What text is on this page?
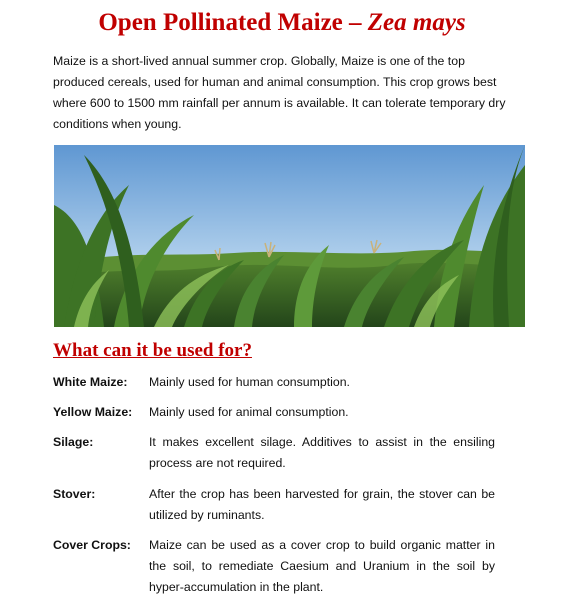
Open Pollinated Maize – Zea mays
Maize is a short-lived annual summer crop. Globally, Maize is one of the top produced cereals, used for human and animal consumption. This crop grows best where 600 to 1500 mm rainfall per annum is available. It can tolerate temporary dry conditions when young.
What can it be used for?
White Maize: Mainly used for human consumption.
Yellow Maize: Mainly used for animal consumption.
Silage:	It makes excellent silage. Additives to assist in the ensiling process are not required.
Stover:	After the crop has been harvested for grain, the stover can be utilized by ruminants.
Cover Crops: Maize can be used as a cover crop to build organic matter in the soil, to remediate Caesium and Uranium in the soil by hyper-accumulation in the plant.
